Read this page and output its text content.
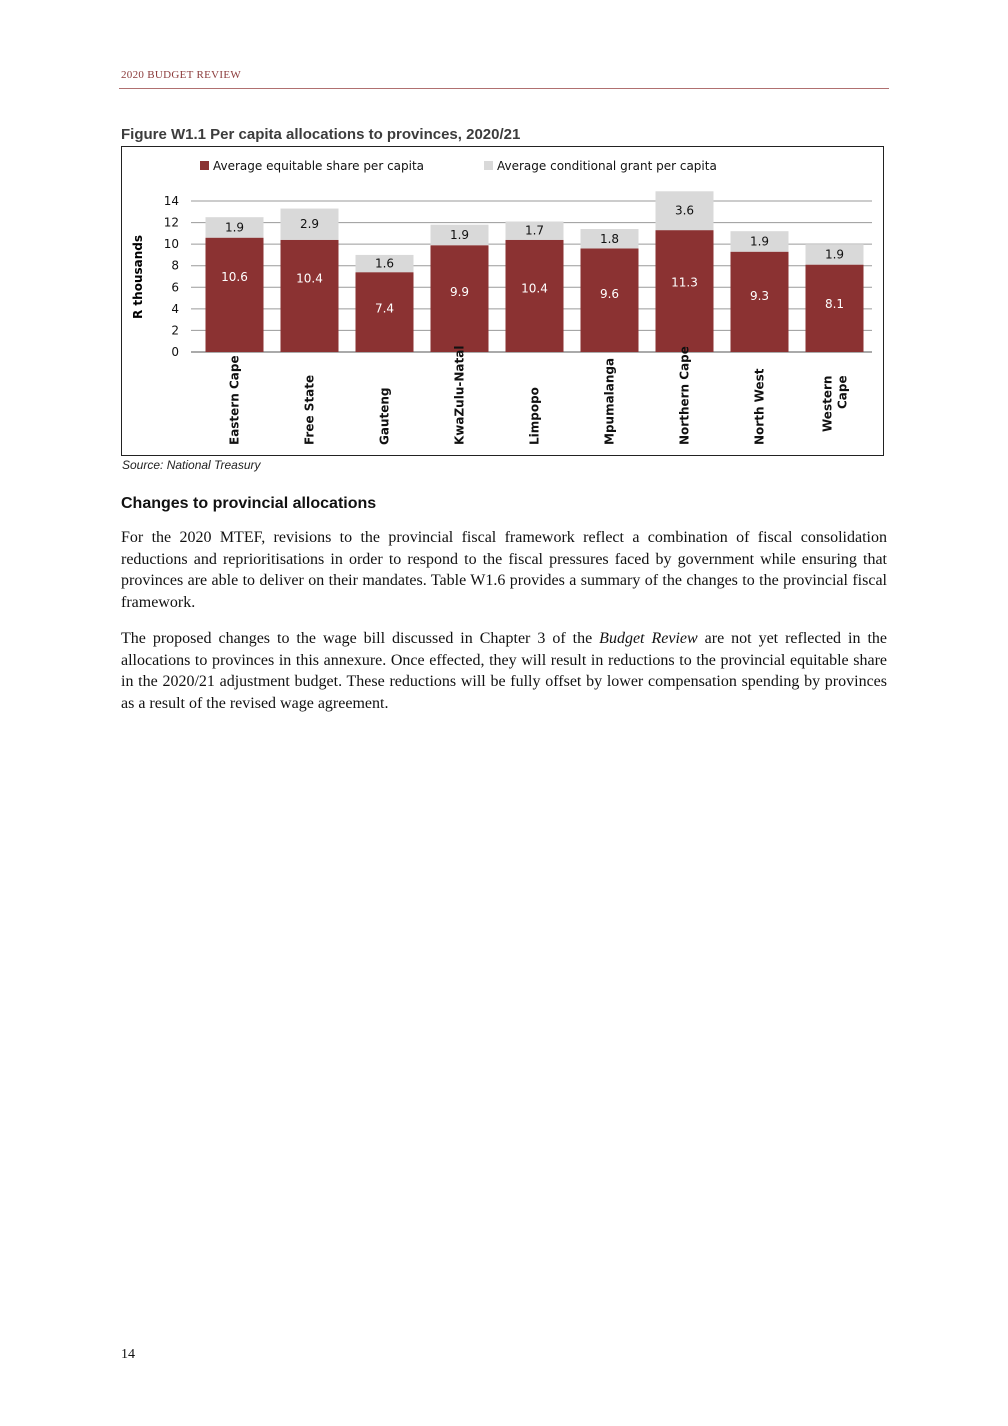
2020 BUDGET REVIEW
Figure W1.1 Per capita allocations to provinces, 2020/21
R thousands
0
2
4
6
8
10
12
14
Average equitable share per capita	Average conditional grant per capita
10.6
1.9
Eastern Cape
10.4
2.9
Free State
7.4
1.6
Gauteng
9.9
1.9
KwaZulu-Natal
10.4
1.7
Limpopo
9.6
1.8
Mpumalanga
11.3
3.6
Northern Cape
9.3
1.9
North West
8.1
1.9
Western Cape
Source: National Treasury
Changes to provincial allocations
For the 2020 MTEF, revisions to the provincial fiscal framework reflect a combination of fiscal consolidation reductions and reprioritisations in order to respond to the fiscal pressures faced by government while ensuring that provinces are able to deliver on their mandates. Table W1.6 provides a summary of the changes to the provincial fiscal framework.
The proposed changes to the wage bill discussed in Chapter 3 of the Budget Review are not yet reflected in the allocations to provinces in this annexure. Once effected, they will result in reductions to the provincial equitable share in the 2020/21 adjustment budget. These reductions will be fully offset by lower compensation spending by provinces as a result of the revised wage agreement.
14
